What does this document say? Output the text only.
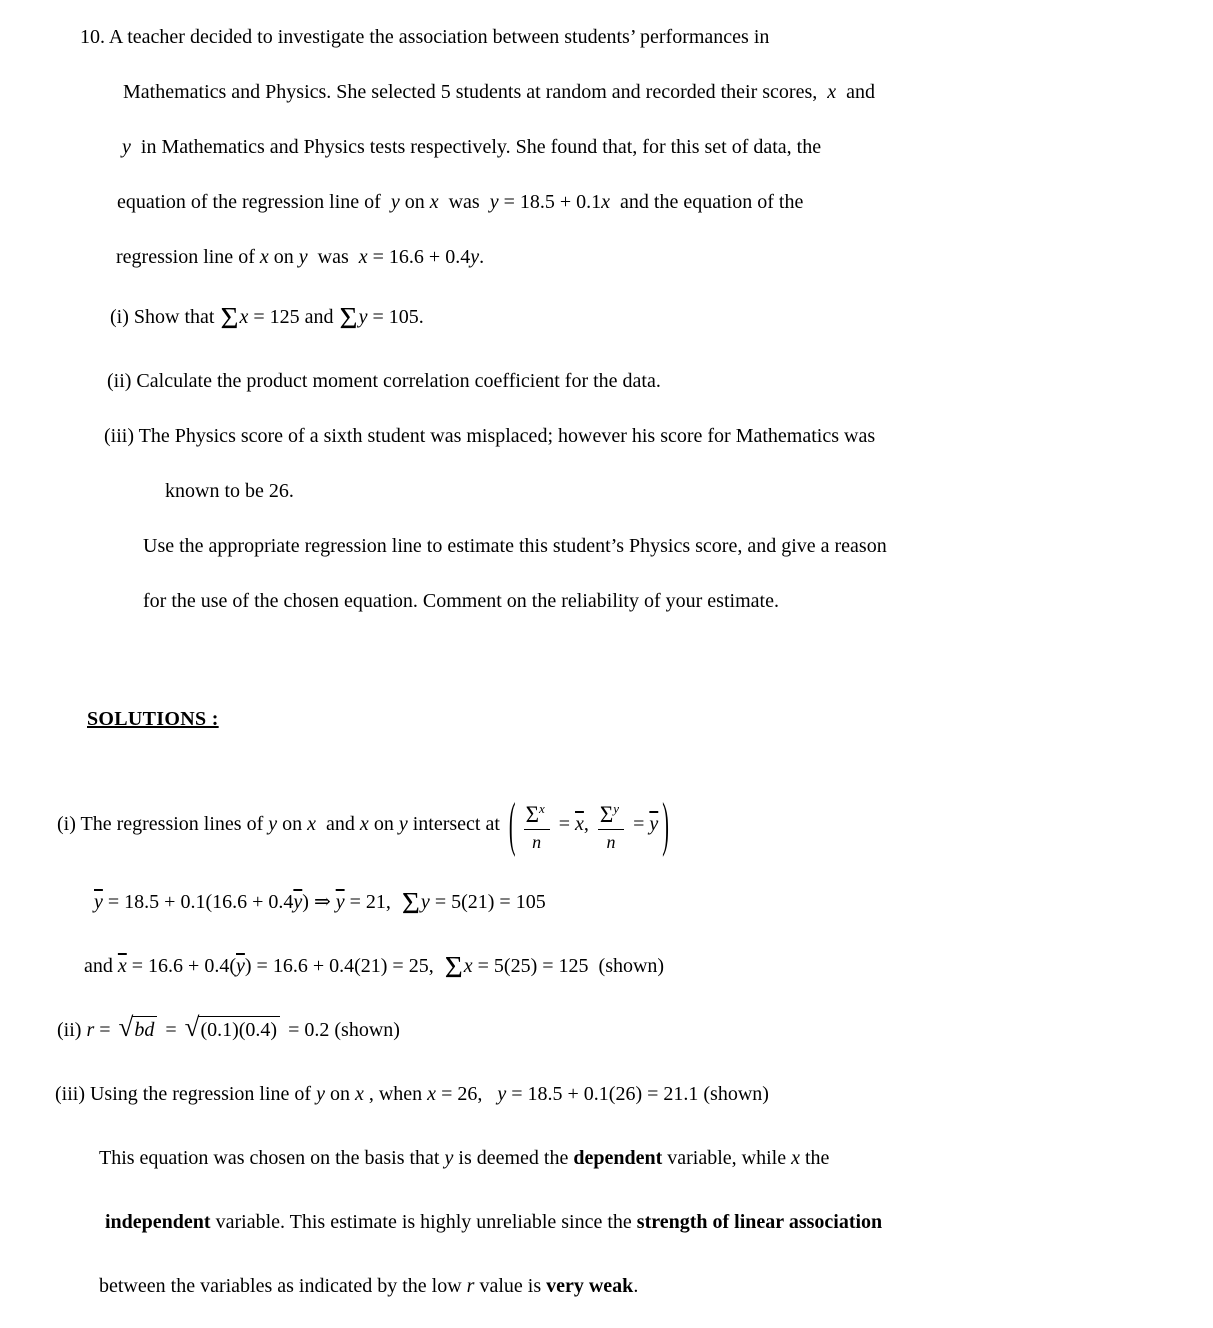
10. A teacher decided to investigate the association between students’ performances in
Mathematics and Physics. She selected 5 students at random and recorded their scores,  x  and
y  in Mathematics and Physics tests respectively. She found that, for this set of data, the
equation of the regression line of  y on x  was  y = 18.5 + 0.1x  and the equation of the
regression line of x on y  was  x = 16.6 + 0.4y.
(i) Show that Σx = 125 and Σy = 105.
(ii) Calculate the product moment correlation coefficient for the data.
(iii) The Physics score of a sixth student was misplaced; however his score for Mathematics was
known to be 26.
Use the appropriate regression line to estimate this student’s Physics score, and give a reason
for the use of the chosen equation. Comment on the reliability of your estimate.

SOLUTIONS :

(i) The regression lines of y on x  and x on y intersect at ( $\frac{\Sigma^x}{n} = \overline{x}$, $\frac{\Sigma^y}{n} = \overline{y}$ )
$\overline{y} = 18.5 + 0.1(16.6 + 0.4\overline{y})$ ⇒ $\overline{y} = 21$,  Σy = 5(21) = 105
and $\overline{x} = 16.6 + 0.4(\overline{y}) = 16.6 + 0.4(21) = 25$,  Σx = 5(25) = 125  (shown)
(ii) r = √ bd = √ (0.1)(0.4) = 0.2 (shown)
(iii) Using the regression line of y on x , when x = 26,   y = 18.5 + 0.1(26) = 21.1 (shown)
This equation was chosen on the basis that y is deemed the dependent variable, while x the
independent variable. This estimate is highly unreliable since the strength of linear association
between the variables as indicated by the low r value is very weak.
